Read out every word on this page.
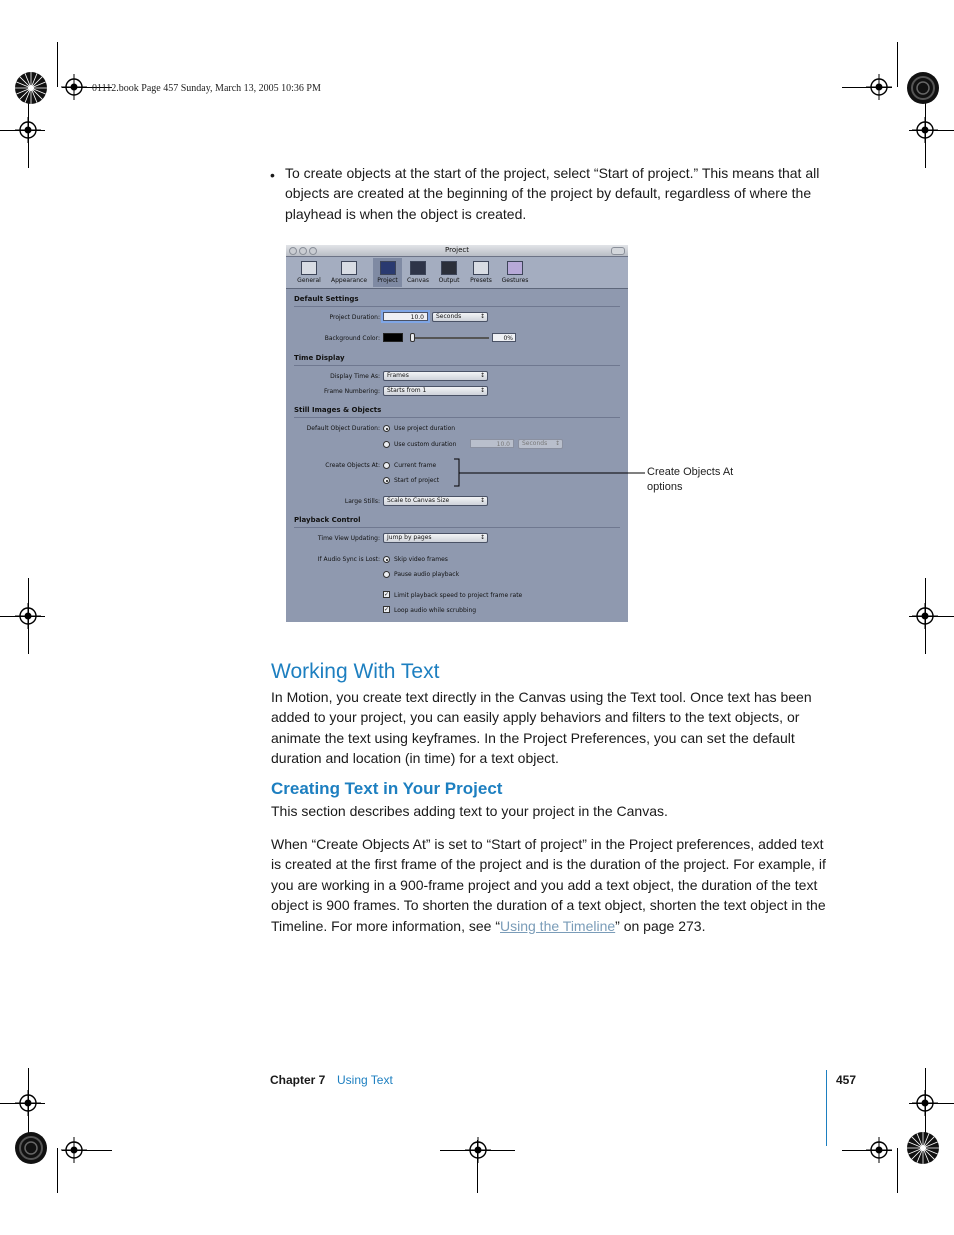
01112.book Page 457 Sunday, March 13, 2005 10:36 PM
• To create objects at the start of the project, select “Start of project.” This means that all objects are created at the beginning of the project by default, regardless of where the playhead is when the object is created.
Project
General	Appearance	Project	Canvas	Output	Presets	Gestures
Default Settings
Project Duration:	10.0	Seconds ↕
Background Color:	0%
Time Display
Display Time As:	Frames ↕
Frame Numbering:	Starts from 1 ↕
Still Images & Objects
Default Object Duration: Use project duration
Use custom duration	10.0	Seconds ↕
Create Objects At: Current frame
Start of project
Large Stills:	Scale to Canvas Size ↕
Playback Control
Time View Updating:	Jump by pages ↕
If Audio Sync is Lost: Skip video frames
Pause audio playback
✓ Limit playback speed to project frame rate
✓ Loop audio while scrubbing
Create Objects At
options
Working With Text
In Motion, you create text directly in the Canvas using the Text tool. Once text has been added to your project, you can easily apply behaviors and filters to the text objects, or animate the text using keyframes. In the Project Preferences, you can set the default duration and location (in time) for a text object.
Creating Text in Your Project
This section describes adding text to your project in the Canvas.
When “Create Objects At” is set to “Start of project” in the Project preferences, added text is created at the first frame of the project and is the duration of the project. For example, if you are working in a 900-frame project and you add a text object, the duration of the text object is 900 frames. To shorten the duration of a text object, shorten the text object in the Timeline. For more information, see “Using the Timeline” on page 273.
Chapter 7 Using Text	457
